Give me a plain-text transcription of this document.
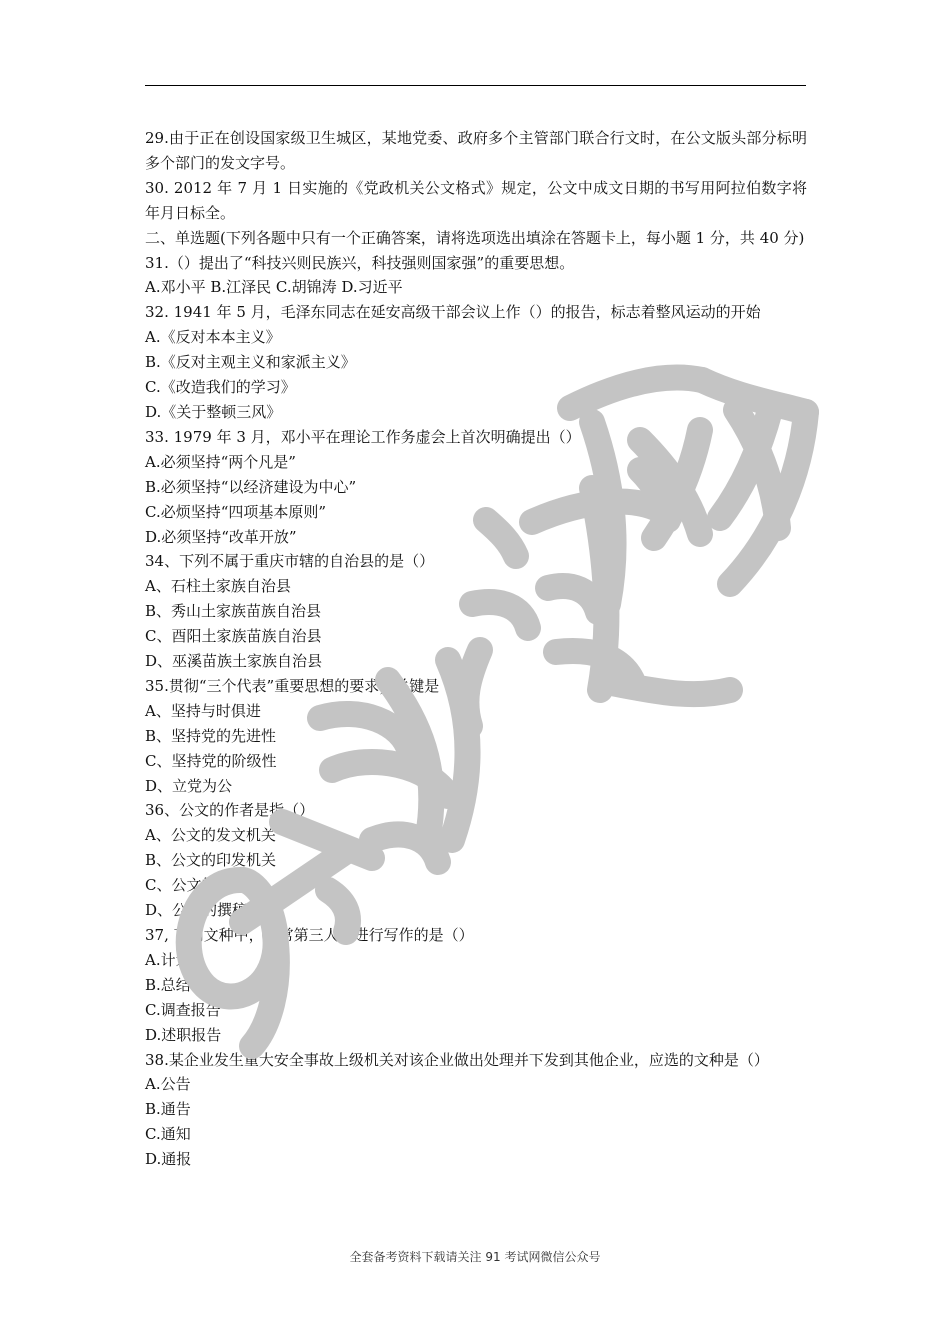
29.由于正在创设国家级卫生城区，某地党委、政府多个主管部门联合行文时，在公文版头部分标明多个部门的发文字号。

30. 2012 年 7 月 1 日实施的《党政机关公文格式》规定，公文中成文日期的书写用阿拉伯数字将年月日标全。

二、单选题(下列各题中只有一个正确答案，请将选项选出填涂在答题卡上，每小题 1 分，共 40 分)

31.（）提出了“科技兴则民族兴，科技强则国家强”的重要思想。

A.邓小平 B.江泽民 C.胡锦涛 D.习近平

32. 1941 年 5 月，毛泽东同志在延安高级干部会议上作（）的报告，标志着整风运动的开始

A.《反对本本主义》

B.《反对主观主义和家派主义》

C.《改造我们的学习》

D.《关于整顿三风》

33. 1979 年 3 月，邓小平在理论工作务虚会上首次明确提出（）

A.必须坚持“两个凡是”

B.必须坚持“以经济建设为中心”

C.必烦坚持“四项基本原则”

D.必须坚持“改革开放”

34、下列不属于重庆市辖的自治县的是（）

A、石柱土家族自治县

B、秀山土家族苗族自治县

C、酉阳土家族苗族自治县

D、巫溪苗族土家族自治县

35.贯彻“三个代表”重要思想的要求，关键是（）

A、坚持与时俱进

B、坚持党的先进性

C、坚持党的阶级性

D、立党为公

36、公文的作者是指（）

A、公文的发文机关

B、公文的印发机关

C、公文的鉴发人

D、公文的撰稿人

37, 下列文种中，通常第三人称进行写作的是（）

A.计划

B.总结

C.调查报告

D.述职报告

38.某企业发生重大安全事故上级机关对该企业做出处理并下发到其他企业，应选的文种是（）

A.公告

B.通告

C.通知

D.通报

全套备考资料下载请关注 91 考试网微信公众号
